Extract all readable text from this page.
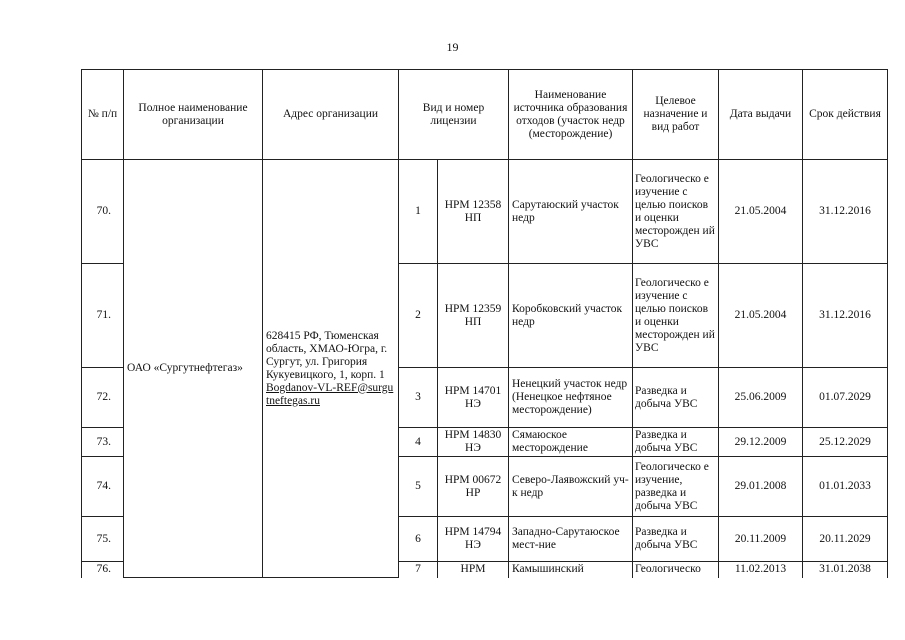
19
№ п/п	Полное наименование организации	Адрес организации	Вид и номер лицензии		Наименование источника образования отходов (участок недр (месторождение)	Целевое назначение и вид работ	Дата выдачи	Срок действия
70.	ОАО «Сургутнефтегаз»	628415 РФ, Тюменская область, ХМАО-Югра, г. Сургут, ул. Григория Кукуевицкого, 1, корп. 1 Bogdanov-VL-REF@surgutneftegas.ru	1	НРМ 12358 НП	Сарутаюский участок недр	Геологическо е изучение с целью поисков и оценки месторожден ий УВС	21.05.2004	31.12.2016
71.			2	НРМ 12359 НП	Коробковский участок недр	Геологическо е изучение с целью поисков и оценки месторожден ий УВС	21.05.2004	31.12.2016
72.			3	НРМ 14701 НЭ	Ненецкий участок недр (Ненецкое нефтяное месторождение)	Разведка и добыча УВС	25.06.2009	01.07.2029
73.			4	НРМ 14830 НЭ	Сямаюское месторождение	Разведка и добыча УВС	29.12.2009	25.12.2029
74.			5	НРМ 00672 НР	Северо-Лаявожский уч-к недр	Геологическо е изучение, разведка и добыча УВС	29.01.2008	01.01.2033
75.			6	НРМ 14794 НЭ	Западно-Сарутаюское мест-ние	Разведка и добыча УВС	20.11.2009	20.11.2029
76.			7	НРМ	Камышинский	Геологическо	11.02.2013	31.01.2038
